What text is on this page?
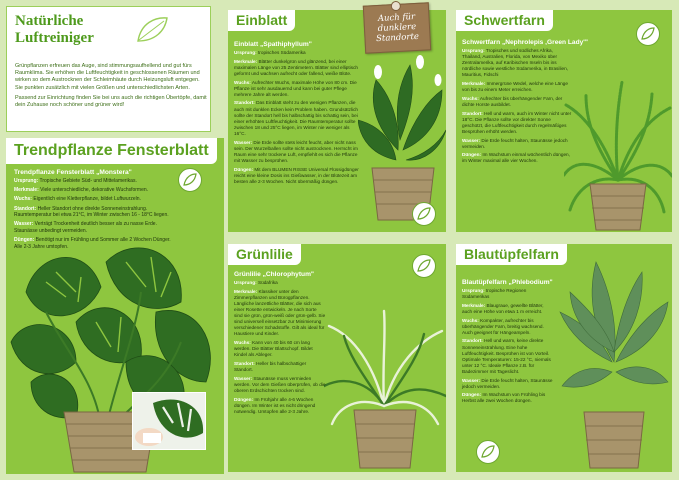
Natürliche
Luftreiniger

Grünpflanzen erfreuen das Auge, sind stimmungsaufhellend und gut fürs Raumklima. Sie erhöhen die Luftfeuchtigkeit in geschlossenen Räumen und wirken so dem Austrocknen der Schleimhäute durch Heizungsluft entgegen. Sie punkten zusätzlich mit vielen Größen und unterschiedlichsten Arten.

Passend zur Einrichtung finden Sie bei uns auch die richtigen Übertöpfe, damit dein Zuhause noch schöner und grüner wird!

Trendpflanze Fensterblatt
Trendpflanze Fensterblatt „Monstera"

Ursprung: Tropische Gebiete Süd- und Mittelamerikas.

Merkmale: Viele unterschiedliche, dekorative Wuchsformen.

Wuchs: Eigentlich eine Kletterpflanze, bildet Luftwurzeln.

Standort: Heller Standort ohne direkte Sonneneinstrahlung. Raumtemperatur bei etwa 21°C, im Winter zwischen 16 - 18°C liegen.

Wasser: Verträgt Trockenheit deutlich besser als zu nasse Erde. Staunässe unbedingt vermeiden.

Düngen: Benötigt nur im Frühling und Sommer alle 2 Wochen Dünger. Alle 2-3 Jahre umtopfen.

Einblatt
Einblatt „Spathiphyllum"

Ursprung: tropisches Südamerika

Merkmale: Blätter dunkelgrün und glänzend, bei einer maximalen Länge von 25 Zentimetern. Blätter sind elliptisch geformt und wachsen aufrecht oder fallend, weiße Blüte.

Wuchs: Aufrechter Wuchs, maximale Höhe von 80 cm. Die Pflanze ist sehr ausdauernd und kann bei guter Pflege mehrere Jahre alt werden.

Standort: Das Einblatt steht zu den wenigen Pflanzen, die auch mit dunklen Ecken kein Problem haben. Grundsätzlich sollte der Standort hell bis halbschattig bis schattig sein, bei einer erhöhten Luftfeuchtigkeit. Die Raumtemperatur sollte zwischen 18 und 25°C liegen, im Winter nie weniger als 16°C.

Wasser: Die Erde sollte stets leicht feucht, aber nicht nass sein. Der Wurzelballen sollte nicht austrocknen. Herrscht im Raum eine sehr trockene Luft, empfiehlt es sich die Pflanze mit Wasser zu besprühen.

Düngen: Mit dem BLUMEN RISSE Universal Flüssigdünger reicht eine kleine Dosis ins Gießwasser, in der Blütezeit am besten alle 2-3 Wochen. Nicht übermäßig düngen.

Auch für
dunklere
Standorte
Grünlilie
Grünlilie „Chlorophytum"

Ursprung: Südafrika

Merkmale: Klassiker unter den Zimmerpflanzen und Bürogpflanzen. Längliche lanzettliche Blätter, die sich aus einer Rosette entwickeln. Je nach Sorte sind sie grün, grün-weiß oder grün-gelb. Sie sind universell einsetzbar zur Minimierung verschiedener Schadstoffe. Gilt als ideal für Haustiere und Kinder.

Wuchs: Kann von 40 bis 60 cm lang werden. Die Blätter Blattschopf. Bildet Kindel als Ableger.

Standort: Heller bis halbschattiger Standort.

Wasser: Staunässe muss vermieden werden. Vor dem Gießen überprüfen, ob die oberen Erdschichten trocken sind.

Düngen: Im Frühjahr alle 4-6 Wochen düngen. Im Winter ist es nicht dringend notwendig. Umtopfen alle 2-3 Jahre.

Schwertfarn
Schwertfarn „Nephrolepis ‚Green Lady'"

Ursprung: Tropisches und südliches Afrika, Thailand, Australien, Florida, von Mexiko über Zentralamerika, auf Karibischen Inseln bis ins nördliche sowie westliche Südamerika, in Brasilien, Mauritius, Fidschi

Merkmale: Immergrüne Wedel, welche eine Länge von bis zu einem Meter erreichen.

Wuchs: Aufrechter bis überhängender Farn, der dichte Horste ausbildet.

Standort: Hell und warm, auch im Winter nicht unter 18°C. Die Pflanze sollte vor direkter Sonne geschützt, die Luftfeuchtigkeit durch regelmäßiges Besprühen erhöht werden.

Wasser: Die Erde feucht halten, Staunässe jedoch vermeiden.

Düngen: Im Wachstum einmal wöchentlich düngen, im Winter maximal alle vier Wochen.

Blautüpfelfarn
Blautüpfelfarn „Phlebodium"

Ursprung: tropische Regionen Südamerikas

Merkmale: Blaugraue, gewellte Blätter, auch eine Höhe von etwa 1 m erreicht.

Wuchs: Kompakter, aufrechter bis überhängender Farn, breitig wachsend. Auch geeignet für Hängeampeln.

Standort: Hell und warm, keine direkte Sonneneinstrahlung. Eine hohe Luftfeuchtigkeit. Besprühen ist von Vorteil. Optimale Temperaturen: 15-22 °C, niemals unter 12 °C. Ideale Pflanze z.B. für Badezimmer mit Tageslicht.

Wasser: Die Erde feucht halten, Staunässe jedoch vermeiden.

Düngen: Im Wachstum von Frühling bis Herbst alle zwei Wochen düngen.
